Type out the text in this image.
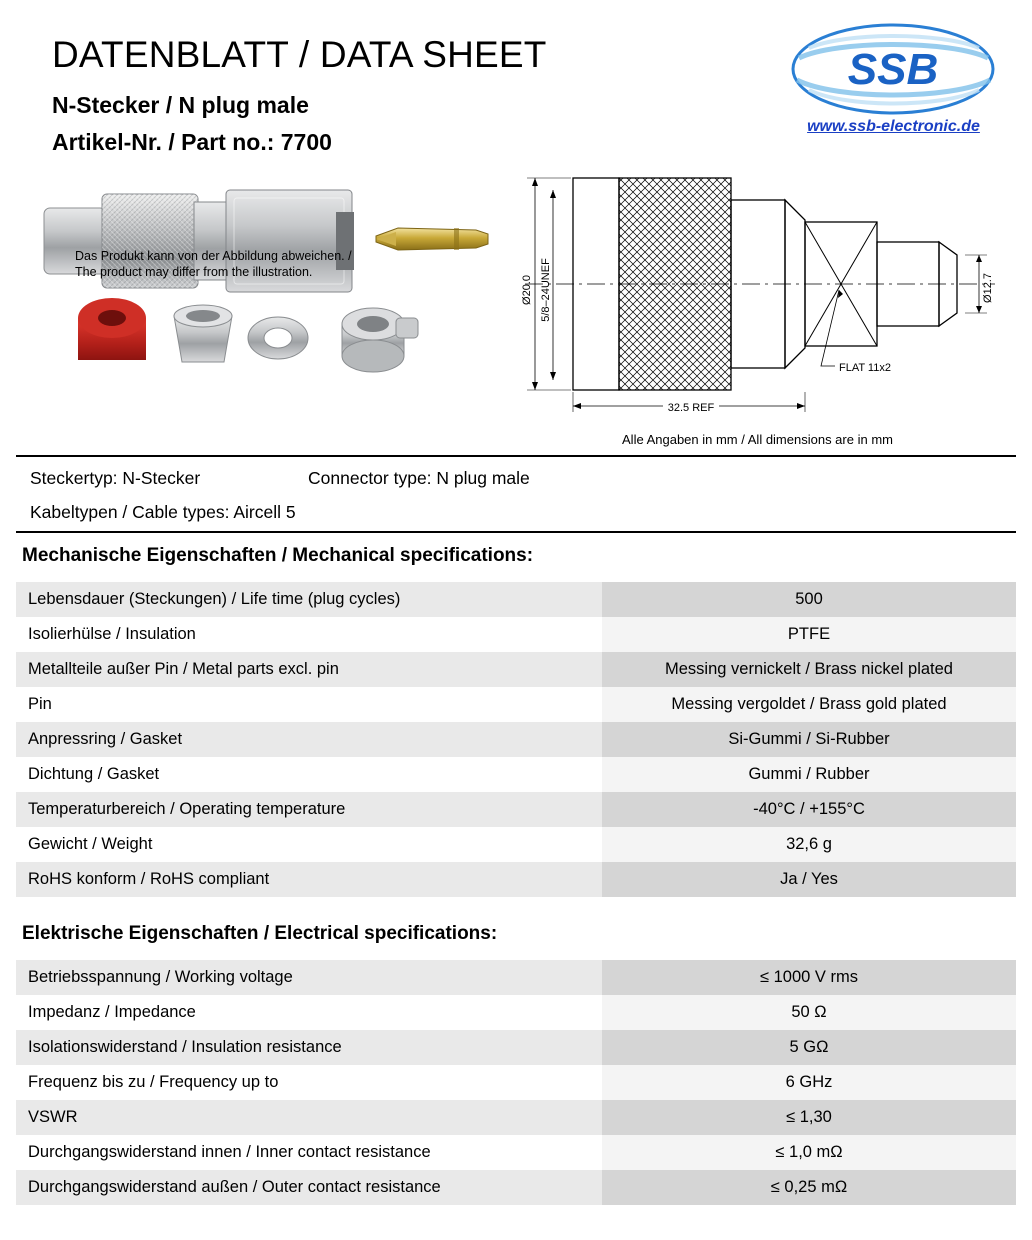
DATENBLATT / DATA SHEET
N-Stecker / N plug male
Artikel-Nr. / Part no.: 7700
SSB
www.ssb-electronic.de
Das Produkt kann von der Abbildung abweichen. /
The product may differ from the illustration.
Ø20.0 5/8–24UNEF	Ø12.7
32.5 REF
FLAT 11x2
Alle Angaben in mm / All dimensions are in mm
Steckertyp: N-Stecker	Connector type: N plug male
Kabeltypen / Cable types: Aircell 5
Mechanische Eigenschaften / Mechanical specifications:
Lebensdauer (Steckungen) / Life time (plug cycles)	500
Isolierhülse / Insulation	PTFE
Metallteile außer Pin / Metal parts excl. pin	Messing vernickelt / Brass nickel plated
Pin	Messing vergoldet / Brass gold plated
Anpressring / Gasket	Si-Gummi / Si-Rubber
Dichtung / Gasket	Gummi / Rubber
Temperaturbereich / Operating temperature	-40°C / +155°C
Gewicht / Weight	32,6 g
RoHS konform / RoHS compliant	Ja / Yes
Elektrische Eigenschaften / Electrical specifications:
Betriebsspannung / Working voltage	≤ 1000 V rms
Impedanz / Impedance	50 Ω
Isolationswiderstand / Insulation resistance	5 GΩ
Frequenz bis zu / Frequency up to	6 GHz
VSWR	≤ 1,30
Durchgangswiderstand innen / Inner contact resistance	≤ 1,0 mΩ
Durchgangswiderstand außen / Outer contact resistance	≤ 0,25 mΩ
